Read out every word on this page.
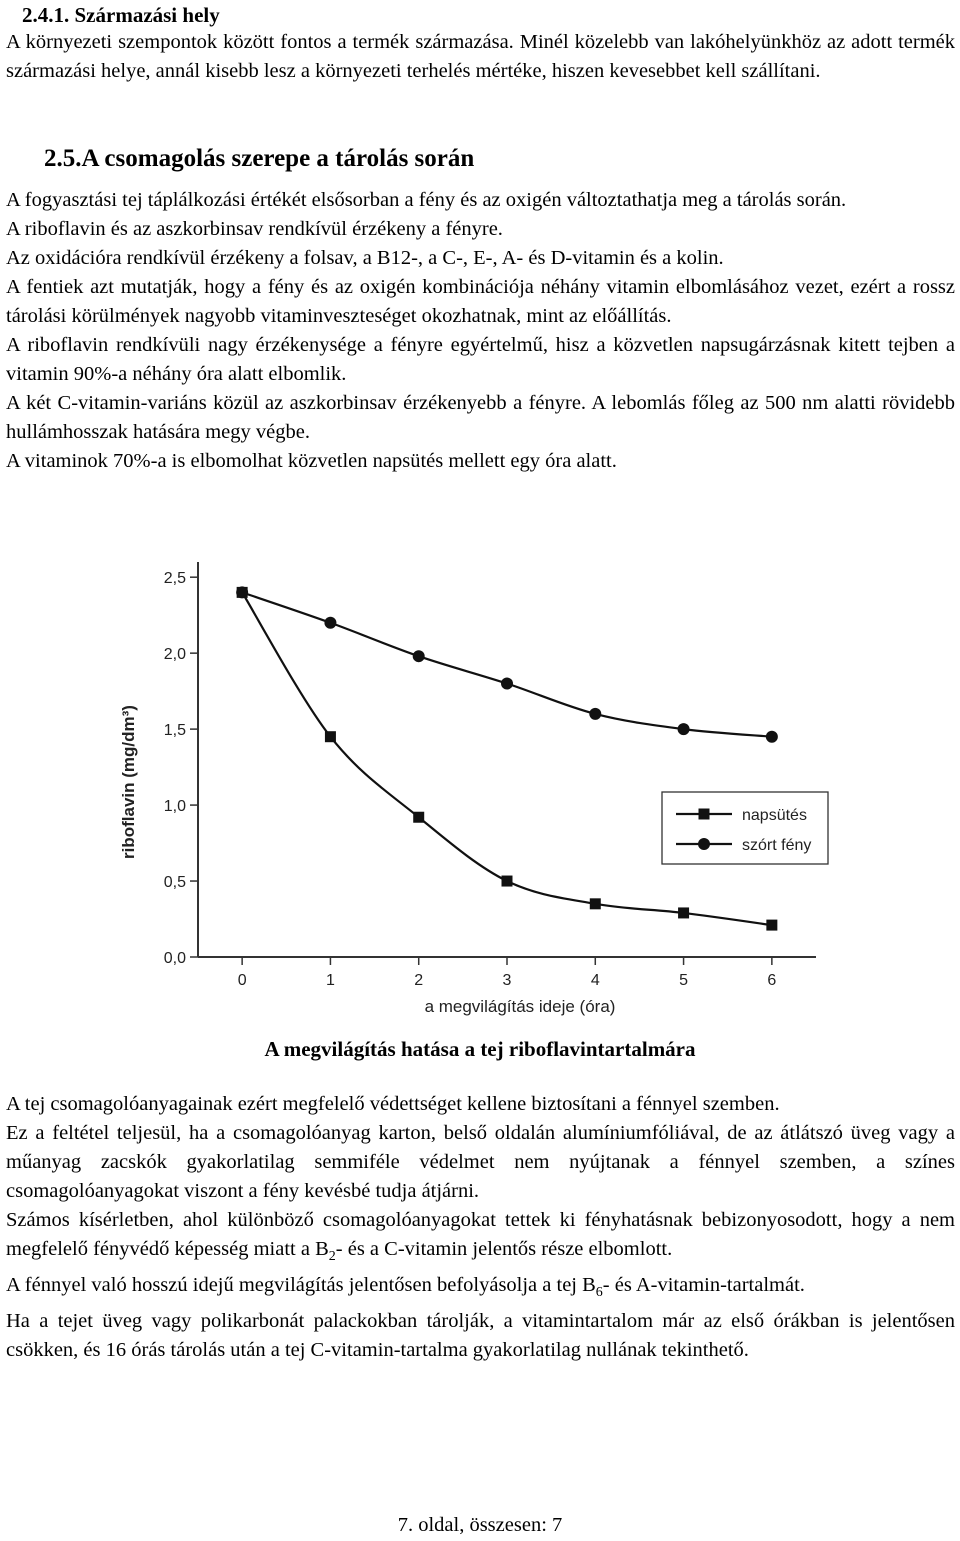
2.4.1. Származási hely

A környezeti szempontok között fontos a termék származása. Minél közelebb van lakóhelyünkhöz az adott termék származási helye, annál kisebb lesz a környezeti terhelés mértéke, hiszen kevesebbet kell szállítani.

2.5.A csomagolás szerepe a tárolás során

A fogyasztási tej táplálkozási értékét elsősorban a fény és az oxigén változtathatja meg a tárolás során.

A riboflavin és az aszkorbinsav rendkívül érzékeny a fényre.

Az oxidációra rendkívül érzékeny a folsav, a B12-, a C-, E-, A- és D-vitamin és a kolin.

A fentiek azt mutatják, hogy a fény és az oxigén kombinációja néhány vitamin elbomlásához vezet, ezért a rossz tárolási körülmények nagyobb vitaminveszteséget okozhatnak, mint az előállítás.

A riboflavin rendkívüli nagy érzékenysége a fényre egyértelmű, hisz a közvetlen napsugárzásnak kitett tejben a vitamin 90%-a néhány óra alatt elbomlik.

A két C-vitamin-variáns közül az aszkorbinsav érzékenyebb a fényre. A lebomlás főleg az 500 nm alatti rövidebb hullámhosszak hatására megy végbe.

A vitaminok 70%-a is elbomolhat közvetlen napsütés mellett egy óra alatt.

0	1	2	3	4	5	6
0,0
0,5
1,0
1,5
2,0
2,5
napsütés
szórt fény
a megvilágítás ideje (óra)
riboflavin (mg/dm³)

A megvilágítás hatása a tej riboflavintartalmára

A tej csomagolóanyagainak ezért megfelelő védettséget kellene biztosítani a fénnyel szemben.

Ez a feltétel teljesül, ha a csomagolóanyag karton, belső oldalán alumíniumfóliával, de az átlátszó üveg vagy a műanyag zacskók gyakorlatilag semmiféle védelmet nem nyújtanak a fénnyel szemben, a színes csomagolóanyagokat viszont a fény kevésbé tudja átjárni.

Számos kísérletben, ahol különböző csomagolóanyagokat tettek ki fényhatásnak bebizonyosodott, hogy a nem megfelelő fényvédő képesség miatt a $B_2-$ és a C-vitamin jelentős része elbomlott.

A fénnyel való hosszú idejű megvilágítás jelentősen befolyásolja a tej $B_6-$ és A-vitamin-tartalmát.

Ha a tejet üveg vagy polikarbonát palackokban tárolják, a vitamintartalom már az első órákban is jelentősen csökken, és 16 órás tárolás után a tej C-vitamin-tartalma gyakorlatilag nullának tekinthető.

7. oldal, összesen: 7
